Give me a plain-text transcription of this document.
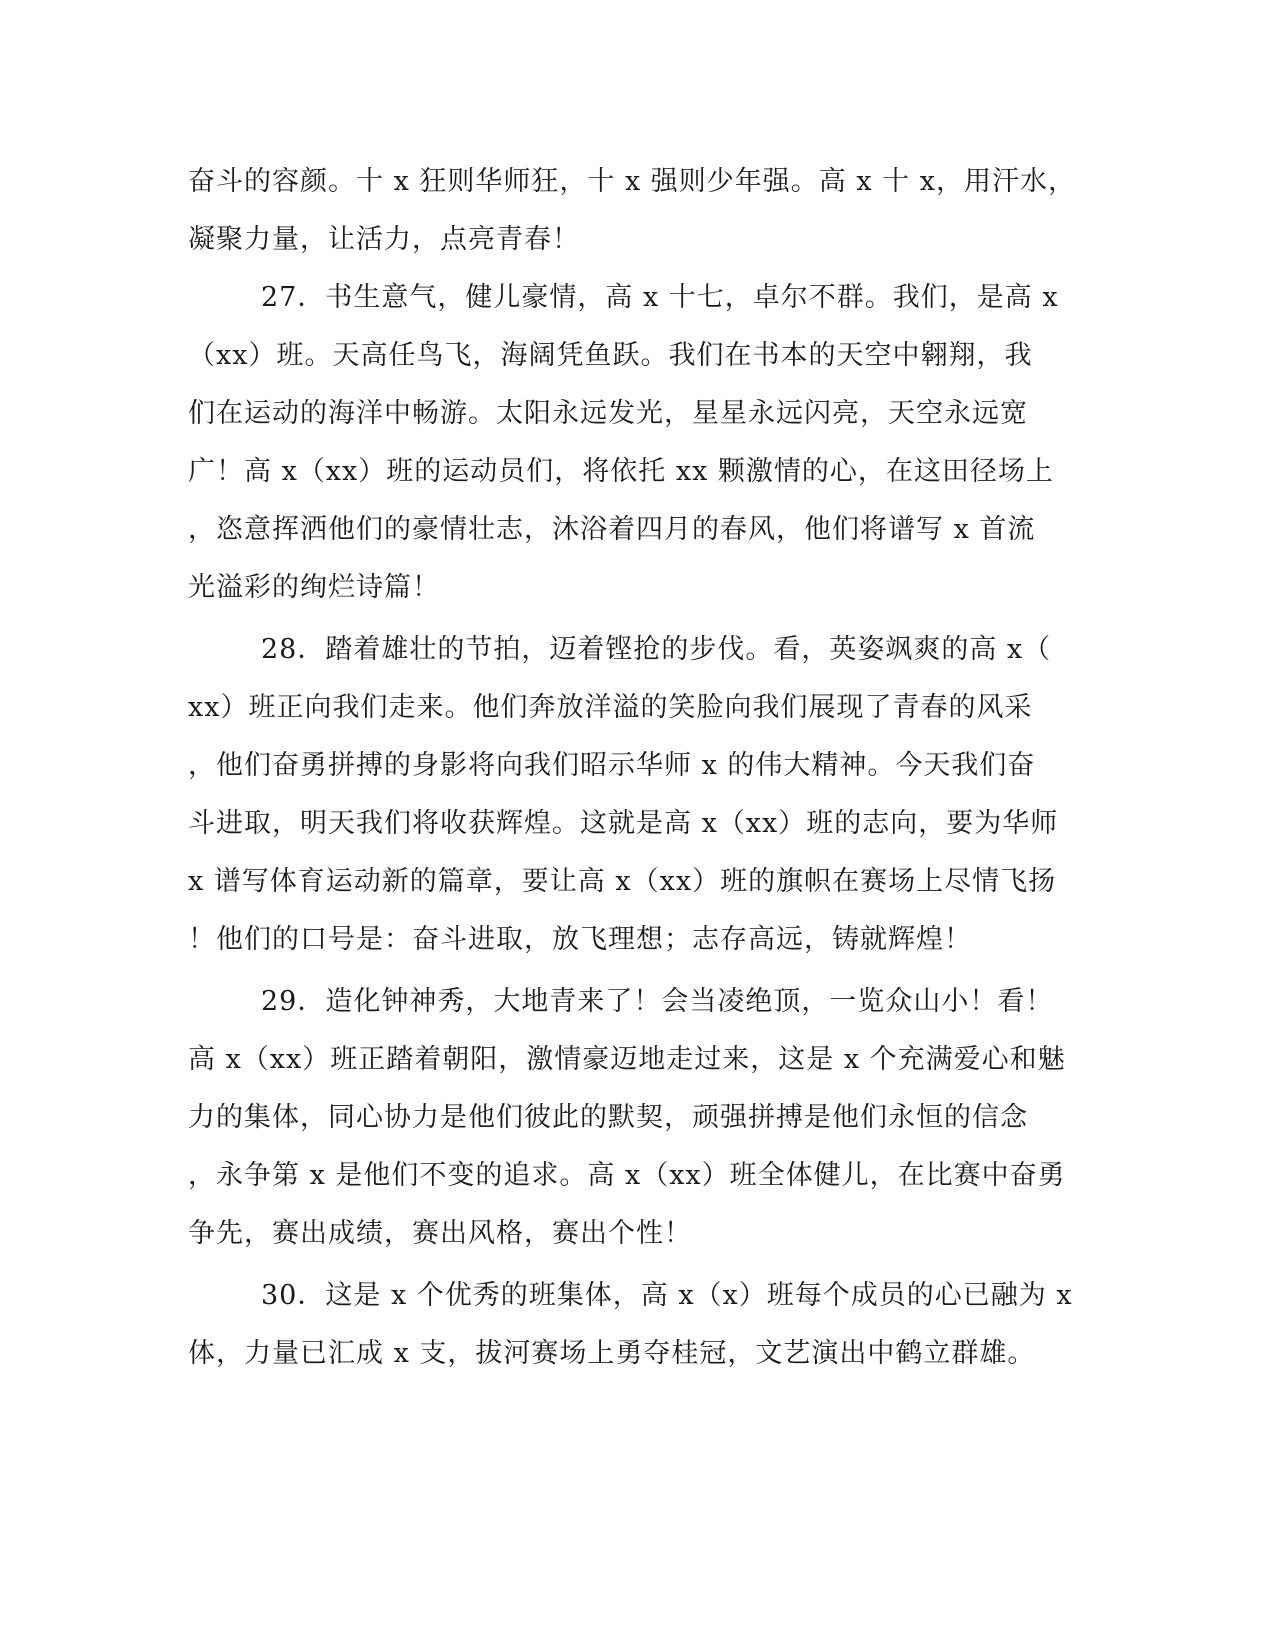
奋斗的容颜。十 x 狂则华师狂，十 x 强则少年强。高 x 十 x，用汗水，
凝聚力量，让活力，点亮青春！
27．书生意气，健儿豪情，高 x 十七，卓尔不群。我们，是高 x
（xx）班。天高任鸟飞，海阔凭鱼跃。我们在书本的天空中翱翔，我
们在运动的海洋中畅游。太阳永远发光，星星永远闪亮，天空永远宽
广！高 x（xx）班的运动员们，将依托 xx 颗激情的心，在这田径场上
，恣意挥洒他们的豪情壮志，沐浴着四月的春风，他们将谱写 x 首流
光溢彩的绚烂诗篇！
28．踏着雄壮的节拍，迈着铿抢的步伐。看，英姿飒爽的高 x（
xx）班正向我们走来。他们奔放洋溢的笑脸向我们展现了青春的风采
，他们奋勇拼搏的身影将向我们昭示华师 x 的伟大精神。今天我们奋
斗进取，明天我们将收获辉煌。这就是高 x（xx）班的志向，要为华师
x 谱写体育运动新的篇章，要让高 x（xx）班的旗帜在赛场上尽情飞扬
！他们的口号是：奋斗进取，放飞理想；志存高远，铸就辉煌！
29．造化钟神秀，大地青来了！会当凌绝顶，一览众山小！看！
高 x（xx）班正踏着朝阳，激情豪迈地走过来，这是 x 个充满爱心和魅
力的集体，同心协力是他们彼此的默契，顽强拼搏是他们永恒的信念
，永争第 x 是他们不变的追求。高 x（xx）班全体健儿，在比赛中奋勇
争先，赛出成绩，赛出风格，赛出个性！
30．这是 x 个优秀的班集体，高 x（x）班每个成员的心已融为 x
体，力量已汇成 x 支，拔河赛场上勇夺桂冠，文艺演出中鹤立群雄。
